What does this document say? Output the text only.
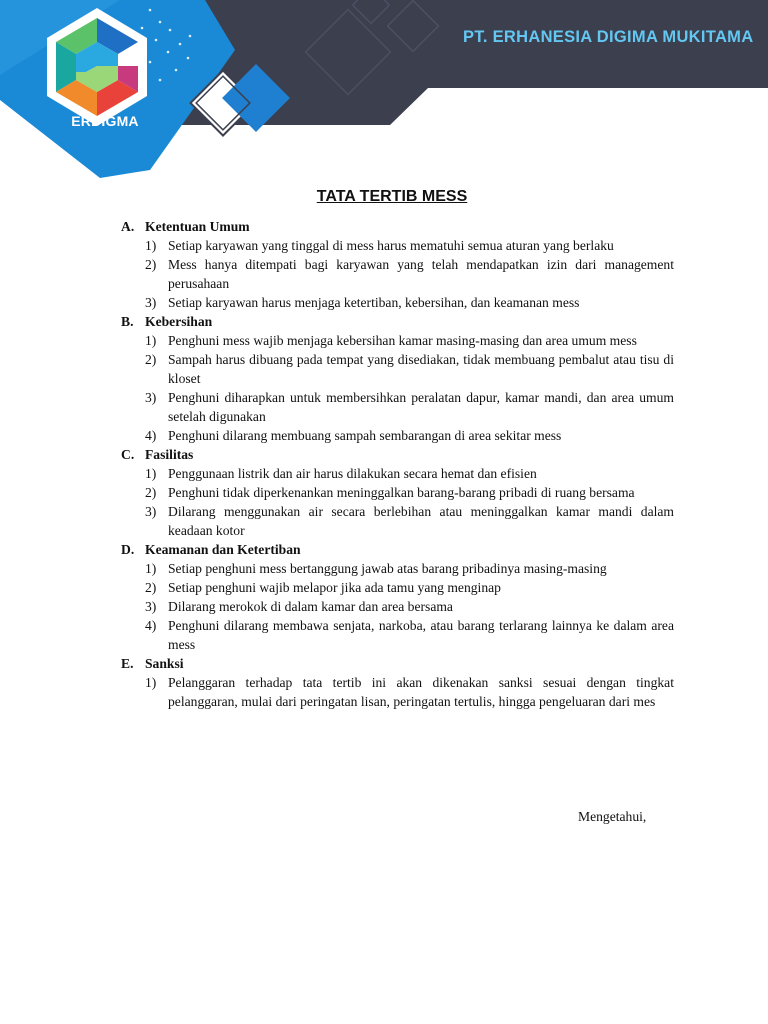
PT. ERHANESIA DIGIMA MUKITAMA
ERDIGMA
TATA TERTIB MESS
A. Ketentuan Umum
1) Setiap karyawan yang tinggal di mess harus mematuhi semua aturan yang berlaku
2) Mess hanya ditempati bagi karyawan yang telah mendapatkan izin dari management perusahaan
3) Setiap karyawan harus menjaga ketertiban, kebersihan, dan keamanan mess
B. Kebersihan
1) Penghuni mess wajib menjaga kebersihan kamar masing-masing dan area umum mess
2) Sampah harus dibuang pada tempat yang disediakan, tidak membuang pembalut atau tisu di kloset
3) Penghuni diharapkan untuk membersihkan peralatan dapur, kamar mandi, dan area umum setelah digunakan
4) Penghuni dilarang membuang sampah sembarangan di area sekitar mess
C. Fasilitas
1) Penggunaan listrik dan air harus dilakukan secara hemat dan efisien
2) Penghuni tidak diperkenankan meninggalkan barang-barang pribadi di ruang bersama
3) Dilarang menggunakan air secara berlebihan atau meninggalkan kamar mandi dalam keadaan kotor
D. Keamanan dan Ketertiban
1) Setiap penghuni mess bertanggung jawab atas barang pribadinya masing-masing
2) Setiap penghuni wajib melapor jika ada tamu yang menginap
3) Dilarang merokok di dalam kamar dan area bersama
4) Penghuni dilarang membawa senjata, narkoba, atau barang terlarang lainnya ke dalam area mess
E. Sanksi
1) Pelanggaran terhadap tata tertib ini akan dikenakan sanksi sesuai dengan tingkat pelanggaran, mulai dari peringatan lisan, peringatan tertulis, hingga pengeluaran dari mes
Mengetahui,
